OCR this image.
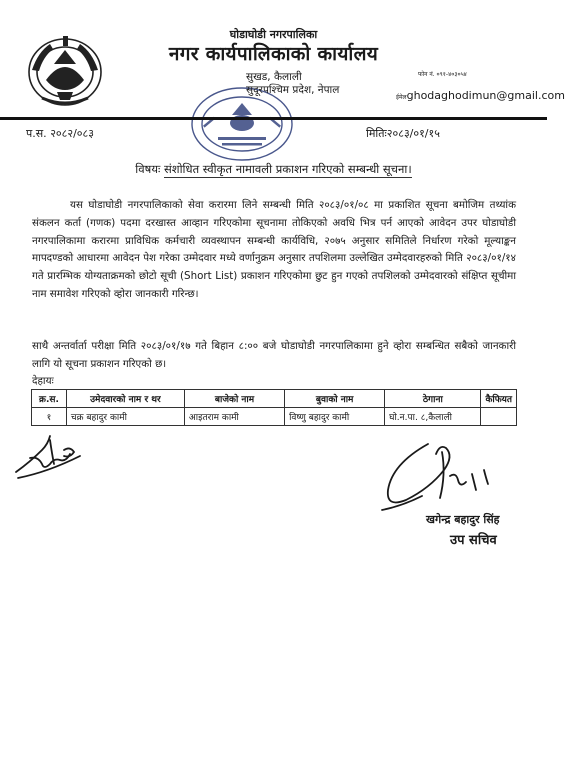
घोडाघोडी नगरपालिका
नगर कार्यपालिकाको कार्यालय
सुखड, कैलाली
सुदूरपश्चिम प्रदेश, नेपाल
फोन नं. ०९१-४०३०५४
ईमेलghodaghodimun@gmail.com
प.स. २०८२/०८३	मितिः२०८३/०१/१५
विषयः संशोधित स्वीकृत नामावली प्रकाशन गरिएको सम्बन्धी सूचना।
यस घोडाघोडी नगरपालिकाको सेवा करारमा लिने सम्बन्धी मिति २०८३/०१/०८ मा प्रकाशित सूचना बमोजिम तथ्यांक संकलन कर्ता (गणक) पदमा दरखास्त आव्हान गरिएकोमा सूचनामा तोकिएको अवधि भित्र पर्न आएको आवेदन उपर घोडाघोडी नगरपालिकामा करारमा प्राविधिक कर्मचारी व्यवस्थापन सम्बन्धी कार्यविधि, २०७५ अनुसार समितिले निर्धारण गरेको मूल्याङ्कन मापदण्डको आधारमा आवेदन पेश गरेका उम्मेदवार मध्ये वर्णानुक्रम अनुसार तपशिलमा उल्लेखित उम्मेदवारहरुको मिति २०८३/०१/१४ गते प्रारम्भिक योग्यताक्रमको छोटो सूची (Short List) प्रकाशन गरिएकोमा छुट हुन गएको तपशिलको उम्मेदवारको संक्षिप्त सूचीमा नाम समावेश गरिएको व्होरा जानकारी गरिन्छ।
साथै अन्तर्वार्ता परीक्षा मिति २०८३/०१/१७ गते बिहान ८:०० बजे घोडाघोडी नगरपालिकामा हुने व्होरा सम्बन्धित सबैको जानकारी लागि यो सूचना प्रकाशन गरिएको छ।
देहायः
क्र.स.	उमेदवारको नाम र थर	बाजेको नाम	बुवाको नाम	ठेगाना	कैफियत
१	चक्र बहादुर कामी	आइतराम कामी	विष्णु बहादुर कामी	घो.न.पा. ८,कैलाली	
खगेन्द्र बहादुर सिंह
उप सचिव
